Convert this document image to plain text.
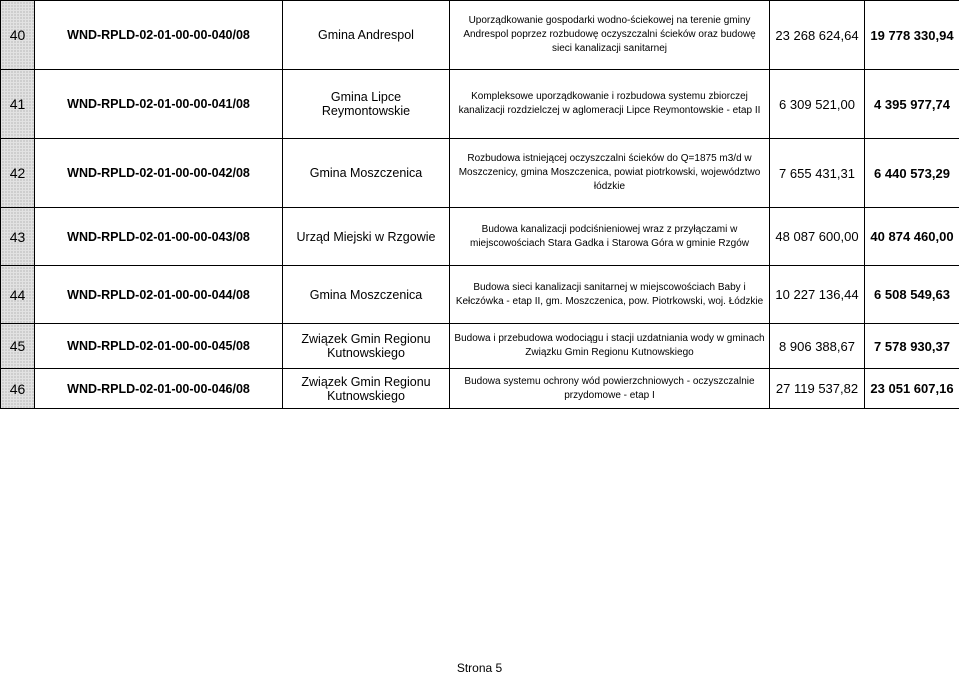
40	WND-RPLD-02-01-00-00-040/08	Gmina Andrespol	Uporządkowanie gospodarki wodno-ściekowej na terenie gminy Andrespol poprzez rozbudowę oczyszczalni ścieków oraz budowę sieci kanalizacji sanitarnej	23 268 624,64	19 778 330,94
41	WND-RPLD-02-01-00-00-041/08	Gmina Lipce Reymontowskie	Kompleksowe uporządkowanie i rozbudowa systemu zbiorczej kanalizacji rozdzielczej w aglomeracji Lipce Reymontowskie - etap II	6 309 521,00	4 395 977,74
42	WND-RPLD-02-01-00-00-042/08	Gmina Moszczenica	Rozbudowa istniejącej oczyszczalni ścieków do Q=1875 m3/d w Moszczenicy, gmina Moszczenica, powiat piotrkowski, województwo łódzkie	7 655 431,31	6 440 573,29
43	WND-RPLD-02-01-00-00-043/08	Urząd Miejski w Rzgowie	Budowa kanalizacji podciśnieniowej wraz z przyłączami w miejscowościach Stara Gadka i Starowa Góra w gminie Rzgów	48 087 600,00	40 874 460,00
44	WND-RPLD-02-01-00-00-044/08	Gmina Moszczenica	Budowa sieci kanalizacji sanitarnej w miejscowościach Baby i Kełczówka - etap II, gm. Moszczenica, pow. Piotrkowski, woj. Łódzkie	10 227 136,44	6 508 549,63
45	WND-RPLD-02-01-00-00-045/08	Związek Gmin Regionu Kutnowskiego	Budowa i przebudowa wodociągu i stacji uzdatniania wody w gminach Związku Gmin Regionu Kutnowskiego	8 906 388,67	7 578 930,37
46	WND-RPLD-02-01-00-00-046/08	Związek Gmin Regionu Kutnowskiego	Budowa systemu ochrony wód powierzchniowych - oczyszczalnie przydomowe - etap I	27 119 537,82	23 051 607,16
Strona 5
